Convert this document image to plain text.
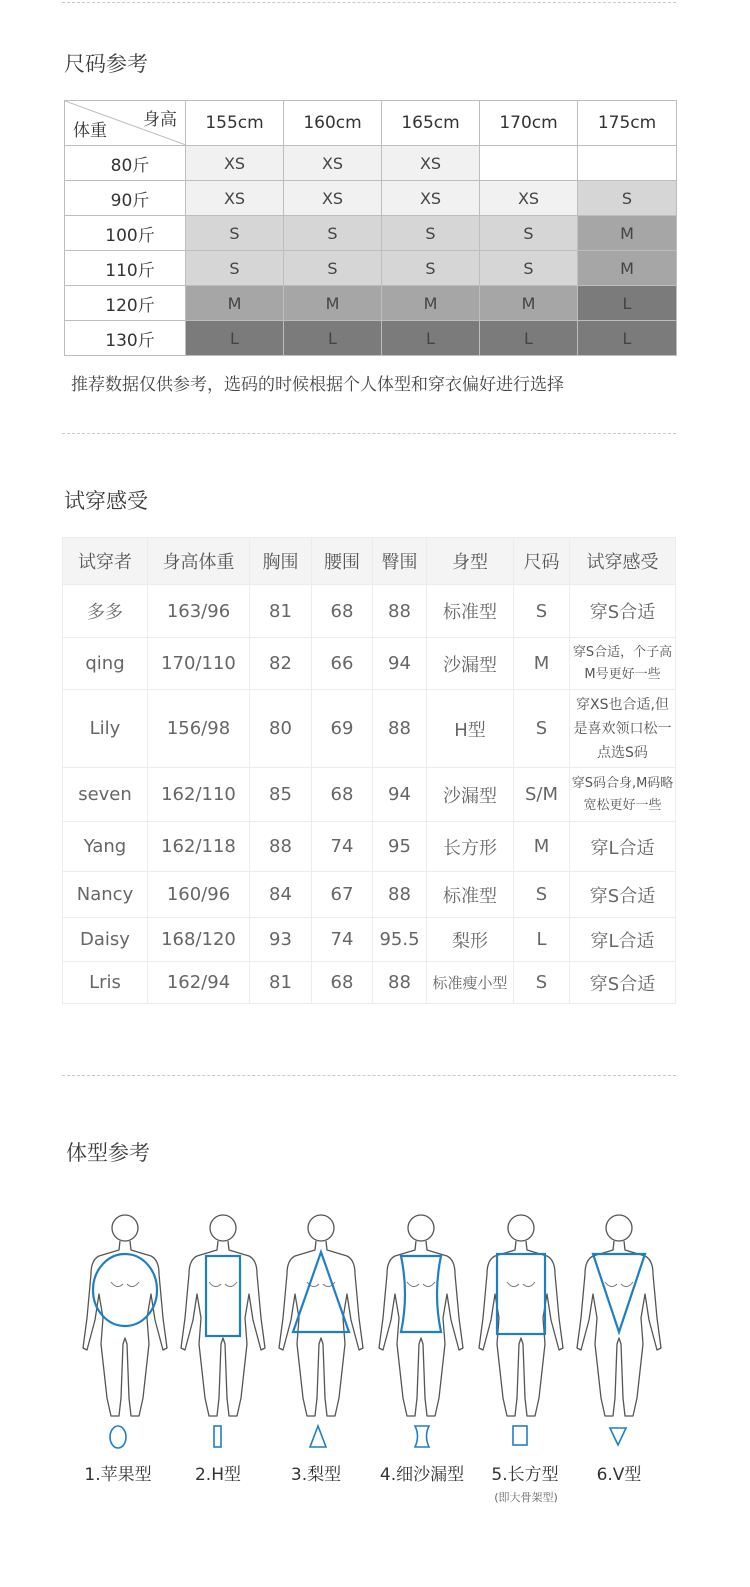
尺码参考
身高
体重	155cm	160cm	165cm	170cm	175cm
80斤	XS	XS	XS		
90斤	XS	XS	XS	XS	S
100斤	S	S	S	S	M
110斤	S	S	S	S	M
120斤	M	M	M	M	L
130斤	L	L	L	L	L

推荐数据仅供参考，选码的时候根据个人体型和穿衣偏好进行选择

试穿感受
试穿者	身高体重	胸围	腰围	臀围	身型	尺码	试穿感受
多多	163/96	81	68	88	标准型	S	穿S合适
qing	170/110	82	66	94	沙漏型	M	穿S合适，个子高M号更好一些
Lily	156/98	80	69	88	H型	S	穿XS也合适,但是喜欢领口松一点选S码
seven	162/110	85	68	94	沙漏型	S/M	穿S码合身,M码略宽松更好一些
Yang	162/118	88	74	95	长方形	M	穿L合适
Nancy	160/96	84	67	88	标准型	S	穿S合适
Daisy	168/120	93	74	95.5	梨形	L	穿L合适
Lris	162/94	81	68	88	标准瘦小型	S	穿S合适
体型参考
1.苹果型	2.H型	3.梨型	4.细沙漏型	5.长方型
(即大骨架型)
6.V型
